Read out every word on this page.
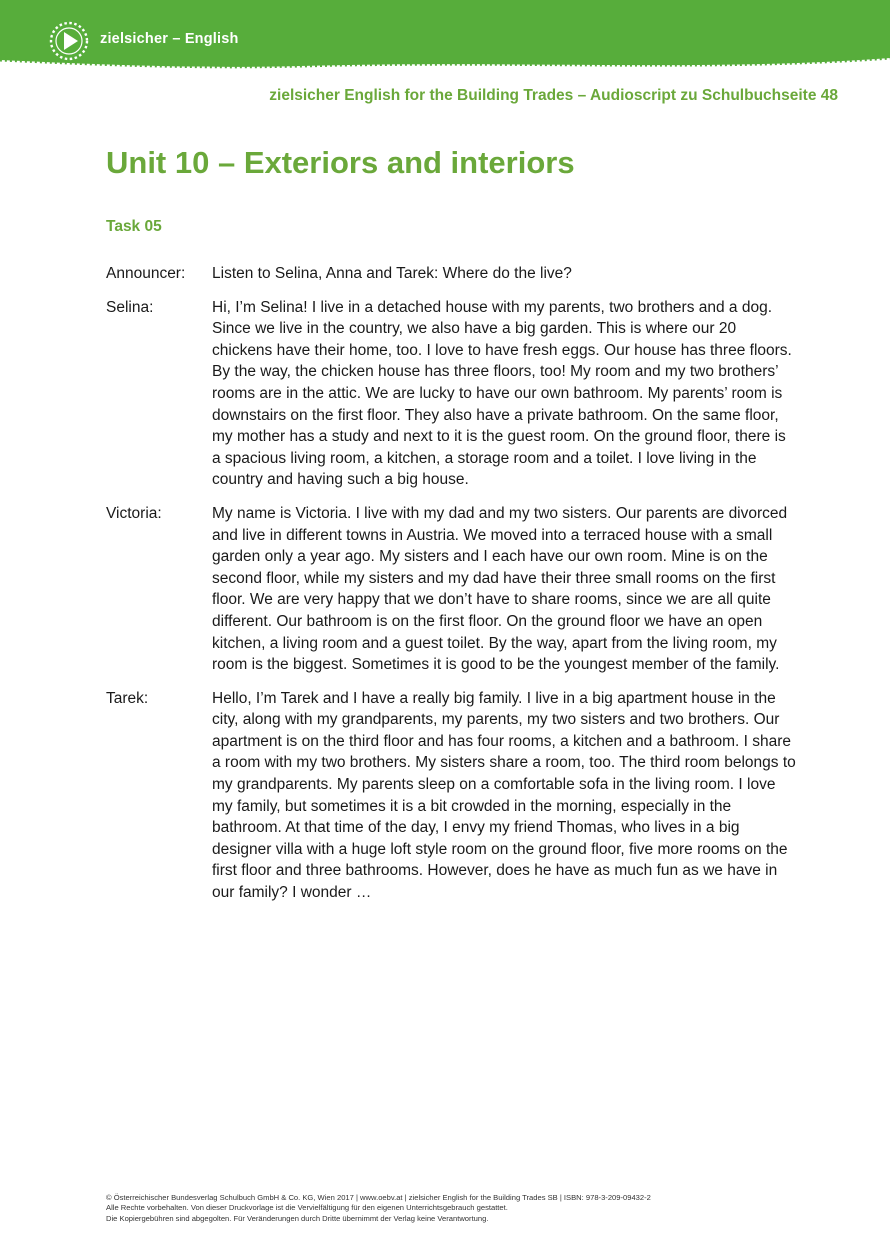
zielsicher – English
zielsicher English for the Building Trades – Audioscript zu Schulbuchseite 48
Unit 10 – Exteriors and interiors
Task 05
Announcer:	Listen to Selina, Anna and Tarek: Where do the live?
Selina:	Hi, I’m Selina! I live in a detached house with my parents, two brothers and a dog. Since we live in the country, we also have a big garden. This is where our 20 chickens have their home, too. I love to have fresh eggs. Our house has three floors. By the way, the chicken house has three floors, too! My room and my two brothers’ rooms are in the attic. We are lucky to have our own bathroom. My parents’ room is downstairs on the first floor. They also have a private bathroom. On the same floor, my mother has a study and next to it is the guest room. On the ground floor, there is a spacious living room, a kitchen, a storage room and a toilet. I love living in the country and having such a big house.
Victoria:	My name is Victoria. I live with my dad and my two sisters. Our parents are divorced and live in different towns in Austria. We moved into a terraced house with a small garden only a year ago. My sisters and I each have our own room. Mine is on the second floor, while my sisters and my dad have their three small rooms on the first floor. We are very happy that we don’t have to share rooms, since we are all quite different. Our bathroom is on the first floor. On the ground floor we have an open kitchen, a living room and a guest toilet. By the way, apart from the living room, my room is the biggest. Sometimes it is good to be the youngest member of the family.
Tarek:	Hello, I’m Tarek and I have a really big family. I live in a big apartment house in the city, along with my grandparents, my parents, my two sisters and two brothers. Our apartment is on the third floor and has four rooms, a kitchen and a bathroom. I share a room with my two brothers. My sisters share a room, too. The third room belongs to my grandparents. My parents sleep on a comfortable sofa in the living room. I love my family, but sometimes it is a bit crowded in the morning, especially in the bathroom. At that time of the day, I envy my friend Thomas, who lives in a big designer villa with a huge loft style room on the ground floor, five more rooms on the first floor and three bathrooms. However, does he have as much fun as we have in our family? I wonder …
© Österreichischer Bundesverlag Schulbuch GmbH & Co. KG, Wien 2017 | www.oebv.at | zielsicher English for the Building Trades SB | ISBN: 978-3-209-09432-2
Alle Rechte vorbehalten. Von dieser Druckvorlage ist die Vervielfältigung für den eigenen Unterrichtsgebrauch gestattet.
Die Kopiergebühren sind abgegolten. Für Veränderungen durch Dritte übernimmt der Verlag keine Verantwortung.
